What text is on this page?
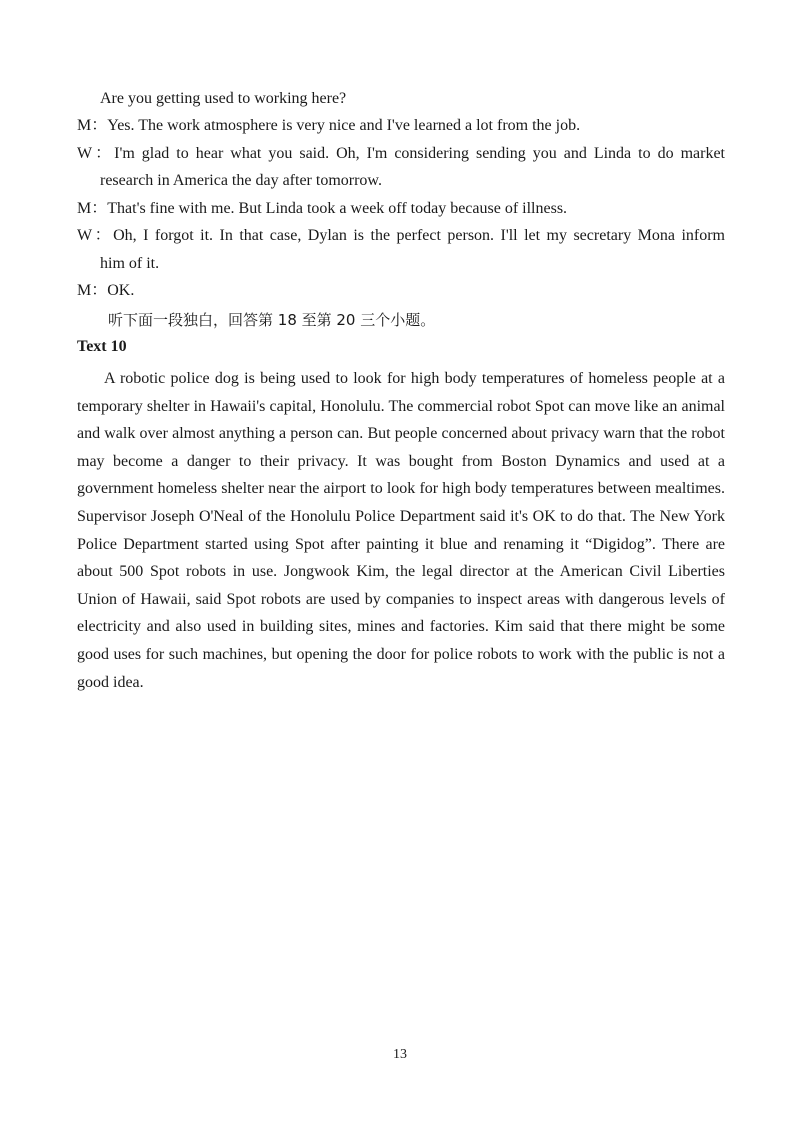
Are you getting used to working here?
M：Yes. The work atmosphere is very nice and I've learned a lot from the job.
W：I'm glad to hear what you said. Oh, I'm considering sending you and Linda to do market
research in America the day after tomorrow.
M：That's fine with me. But Linda took a week off today because of illness.
W：Oh, I forgot it. In that case, Dylan is the perfect person. I'll let my secretary Mona inform
him of it.
M：OK.
听下面一段独白，回答第 18 至第 20 三个小题。
Text 10
A robotic police dog is being used to look for high body temperatures of homeless people at a temporary shelter in Hawaii's capital, Honolulu. The commercial robot Spot can move like an animal and walk over almost anything a person can. But people concerned about privacy warn that the robot may become a danger to their privacy. It was bought from Boston Dynamics and used at a government homeless shelter near the airport to look for high body temperatures between mealtimes. Supervisor Joseph O'Neal of the Honolulu Police Department said it's OK to do that. The New York Police Department started using Spot after painting it blue and renaming it “Digidog”. There are about 500 Spot robots in use. Jongwook Kim, the legal director at the American Civil Liberties Union of Hawaii, said Spot robots are used by companies to inspect areas with dangerous levels of electricity and also used in building sites, mines and factories. Kim said that there might be some good uses for such machines, but opening the door for police robots to work with the public is not a good idea.
13
